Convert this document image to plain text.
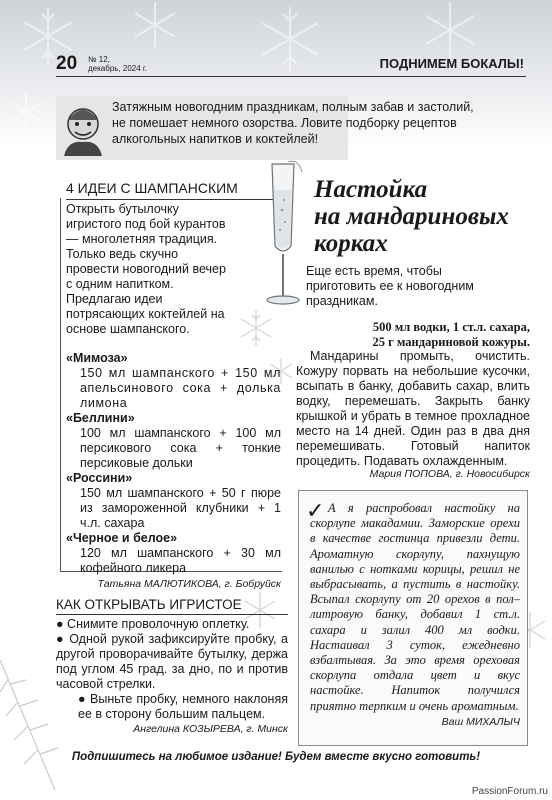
20 № 12,
декабрь, 2024 г.	ПОДНИМЕМ БОКАЛЫ!
Затяжным новогодним праздникам, полным забав и застолий,
не помешает немного озорства. Ловите подборку рецептов
алкогольных напитков и коктейлей!
4 ИДЕИ С ШАМПАНСКИМ
Открыть бутылочку игристого под бой курантов — многолетняя традиция. Только ведь скучно провести новогодний вечер с одним напитком. Предлагаю идеи потрясающих коктейлей на основе шампанского.
«Мимоза»
150 мл шампанского + 150 мл апельсинового сока + долька лимона
«Беллини»
100 мл шампанского + 100 мл персикового сока + тонкие персиковые дольки
«Россини»
150 мл шампанского + 50 г пюре из замороженной клубники + 1 ч.л. сахара
«Черное и белое»
120 мл шампанского + 30 мл кофейного ликера
Татьяна МАЛЮТИКОВА, г. Бобруйск
Настойка
на мандариновых
корках
Еще есть время, чтобы приготовить ее к новогодним праздникам.
500 мл водки, 1 ст.л. сахара,
25 г мандариновой кожуры.

Мандарины промыть, очистить. Кожуру порвать на небольшие кусочки, всыпать в банку, добавить сахар, влить водку, перемешать. Закрыть банку крышкой и убрать в темное прохладное место на 14 дней. Один раз в два дня перемешивать. Готовый напиток процедить. Подавать охлажденным.

Мария ПОПОВА, г. Новосибирск
✓ А я распробовал настойку на скорлупе макадамии. Заморские орехи в качестве гостинца привезли дети. Ароматную скорлупу, пахнущую ванилью с нотками корицы, решил не выбрасывать, а пустить в настойку. Всыпал скорлупу от 20 орехов в пол–литровую банку, добавил 1 ст.л. сахара и залил 400 мл водки. Настаивал 3 суток, ежедневно взбалтывая. За это время ореховая скорлупа отдала цвет и вкус настойке. Напиток получился приятно терпким и очень ароматным.
Ваш МИХАЛЫЧ
КАК ОТКРЫВАТЬ ИГРИСТОЕ
● Снимите проволочную оплетку.
● Одной рукой зафиксируйте пробку, а другой проворачивайте бутылку, держа под углом 45 град. за дно, по и против часовой стрелки.
● Выньте пробку, немного наклоняя ее в сторону большим пальцем.
Ангелина КОЗЫРЕВА, г. Минск
Подпишитесь на любимое издание! Будем вместе вкусно готовить!
PassionForum.ru
